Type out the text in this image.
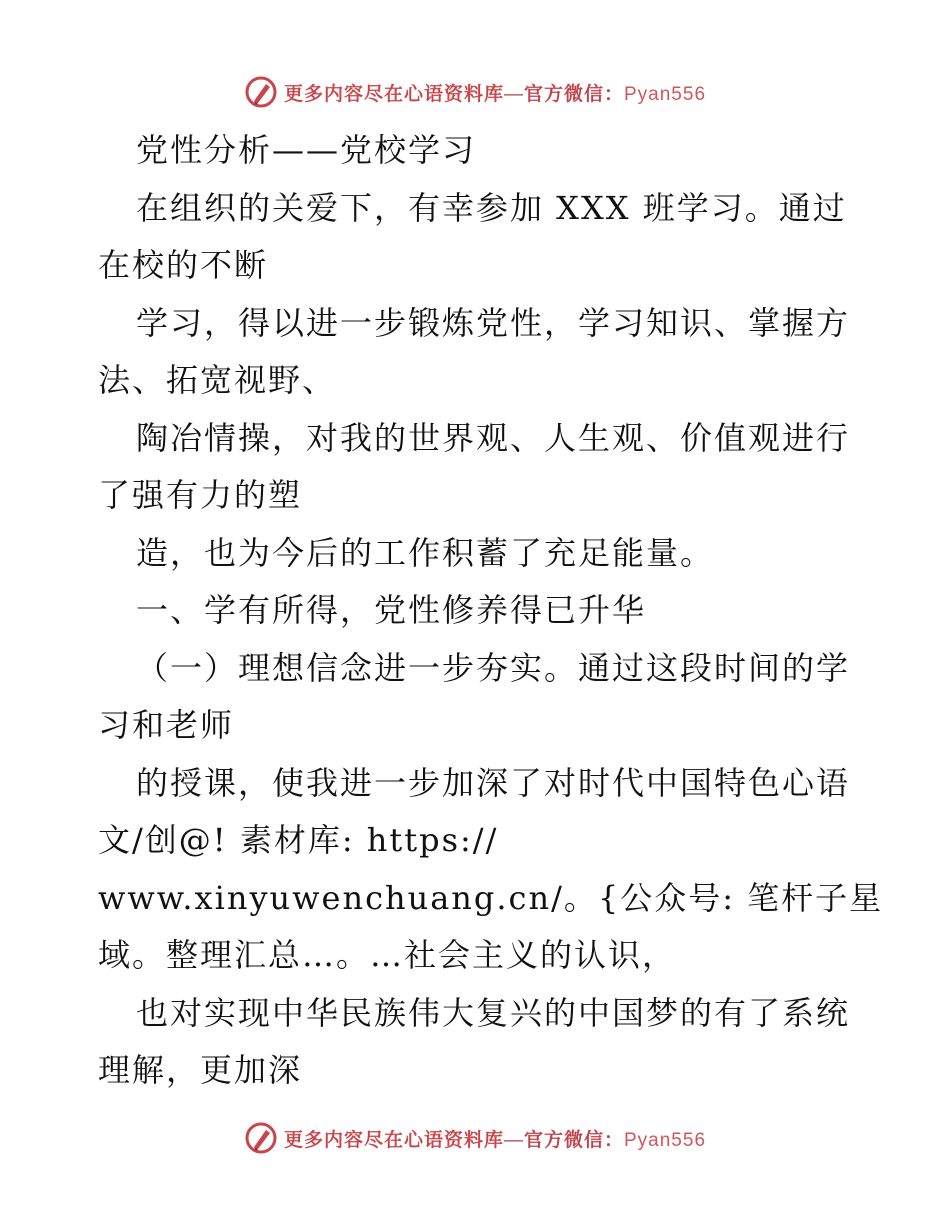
更多内容尽在心语资料库—官方微信：Pyan556
党性分析——党校学习
在组织的关爱下，有幸参加 XXX 班学习。通过
在校的不断
学习，得以进一步锻炼党性，学习知识、掌握方
法、拓宽视野、
陶冶情操，对我的世界观、人生观、价值观进行
了强有力的塑
造，也为今后的工作积蓄了充足能量。
一、学有所得，党性修养得已升华
（一）理想信念进一步夯实。通过这段时间的学
习和老师
的授课，使我进一步加深了对时代中国特色心语
文/创@! 素材库: https://
www.xinyuwenchuang.cn/。{公众号: 笔杆子星
域。整理汇总…。…社会主义的认识，
也对实现中华民族伟大复兴的中国梦的有了系统
理解，更加深
更多内容尽在心语资料库—官方微信：Pyan556
